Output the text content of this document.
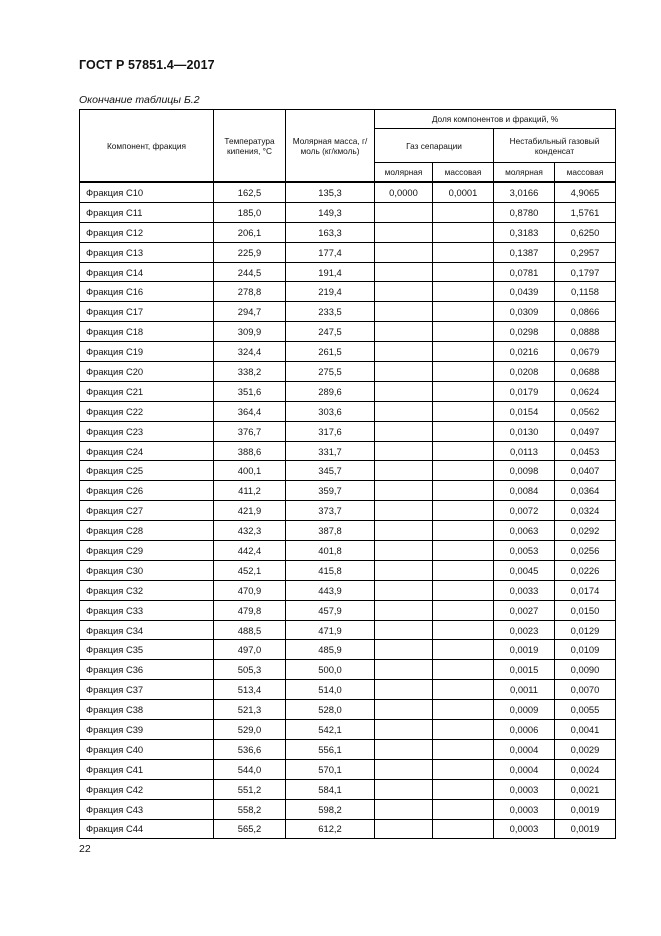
ГОСТ Р 57851.4—2017
Окончание таблицы Б.2
Компонент, фракция	Температура кипения, °С	Молярная масса, г/моль (кг/кмоль)	Доля компонентов и фракций, %			
			Газ сепарации		Нестабильный газовый конденсат	
			молярная	массовая	молярная	массовая
Фракция С10	162,5	135,3	0,0000	0,0001	3,0166	4,9065
Фракция С11	185,0	149,3			0,8780	1,5761
Фракция С12	206,1	163,3			0,3183	0,6250
Фракция С13	225,9	177,4			0,1387	0,2957
Фракция С14	244,5	191,4			0,0781	0,1797
Фракция С16	278,8	219,4			0,0439	0,1158
Фракция С17	294,7	233,5			0,0309	0,0866
Фракция С18	309,9	247,5			0,0298	0,0888
Фракция С19	324,4	261,5			0,0216	0,0679
Фракция С20	338,2	275,5			0,0208	0,0688
Фракция С21	351,6	289,6			0,0179	0,0624
Фракция С22	364,4	303,6			0,0154	0,0562
Фракция С23	376,7	317,6			0,0130	0,0497
Фракция С24	388,6	331,7			0,0113	0,0453
Фракция С25	400,1	345,7			0,0098	0,0407
Фракция С26	411,2	359,7			0,0084	0,0364
Фракция С27	421,9	373,7			0,0072	0,0324
Фракция С28	432,3	387,8			0,0063	0,0292
Фракция С29	442,4	401,8			0,0053	0,0256
Фракция С30	452,1	415,8			0,0045	0,0226
Фракция С32	470,9	443,9			0,0033	0,0174
Фракция С33	479,8	457,9			0,0027	0,0150
Фракция С34	488,5	471,9			0,0023	0,0129
Фракция С35	497,0	485,9			0,0019	0,0109
Фракция С36	505,3	500,0			0,0015	0,0090
Фракция С37	513,4	514,0			0,0011	0,0070
Фракция С38	521,3	528,0			0,0009	0,0055
Фракция С39	529,0	542,1			0,0006	0,0041
Фракция С40	536,6	556,1			0,0004	0,0029
Фракция С41	544,0	570,1			0,0004	0,0024
Фракция С42	551,2	584,1			0,0003	0,0021
Фракция С43	558,2	598,2			0,0003	0,0019
Фракция С44	565,2	612,2			0,0003	0,0019
22
